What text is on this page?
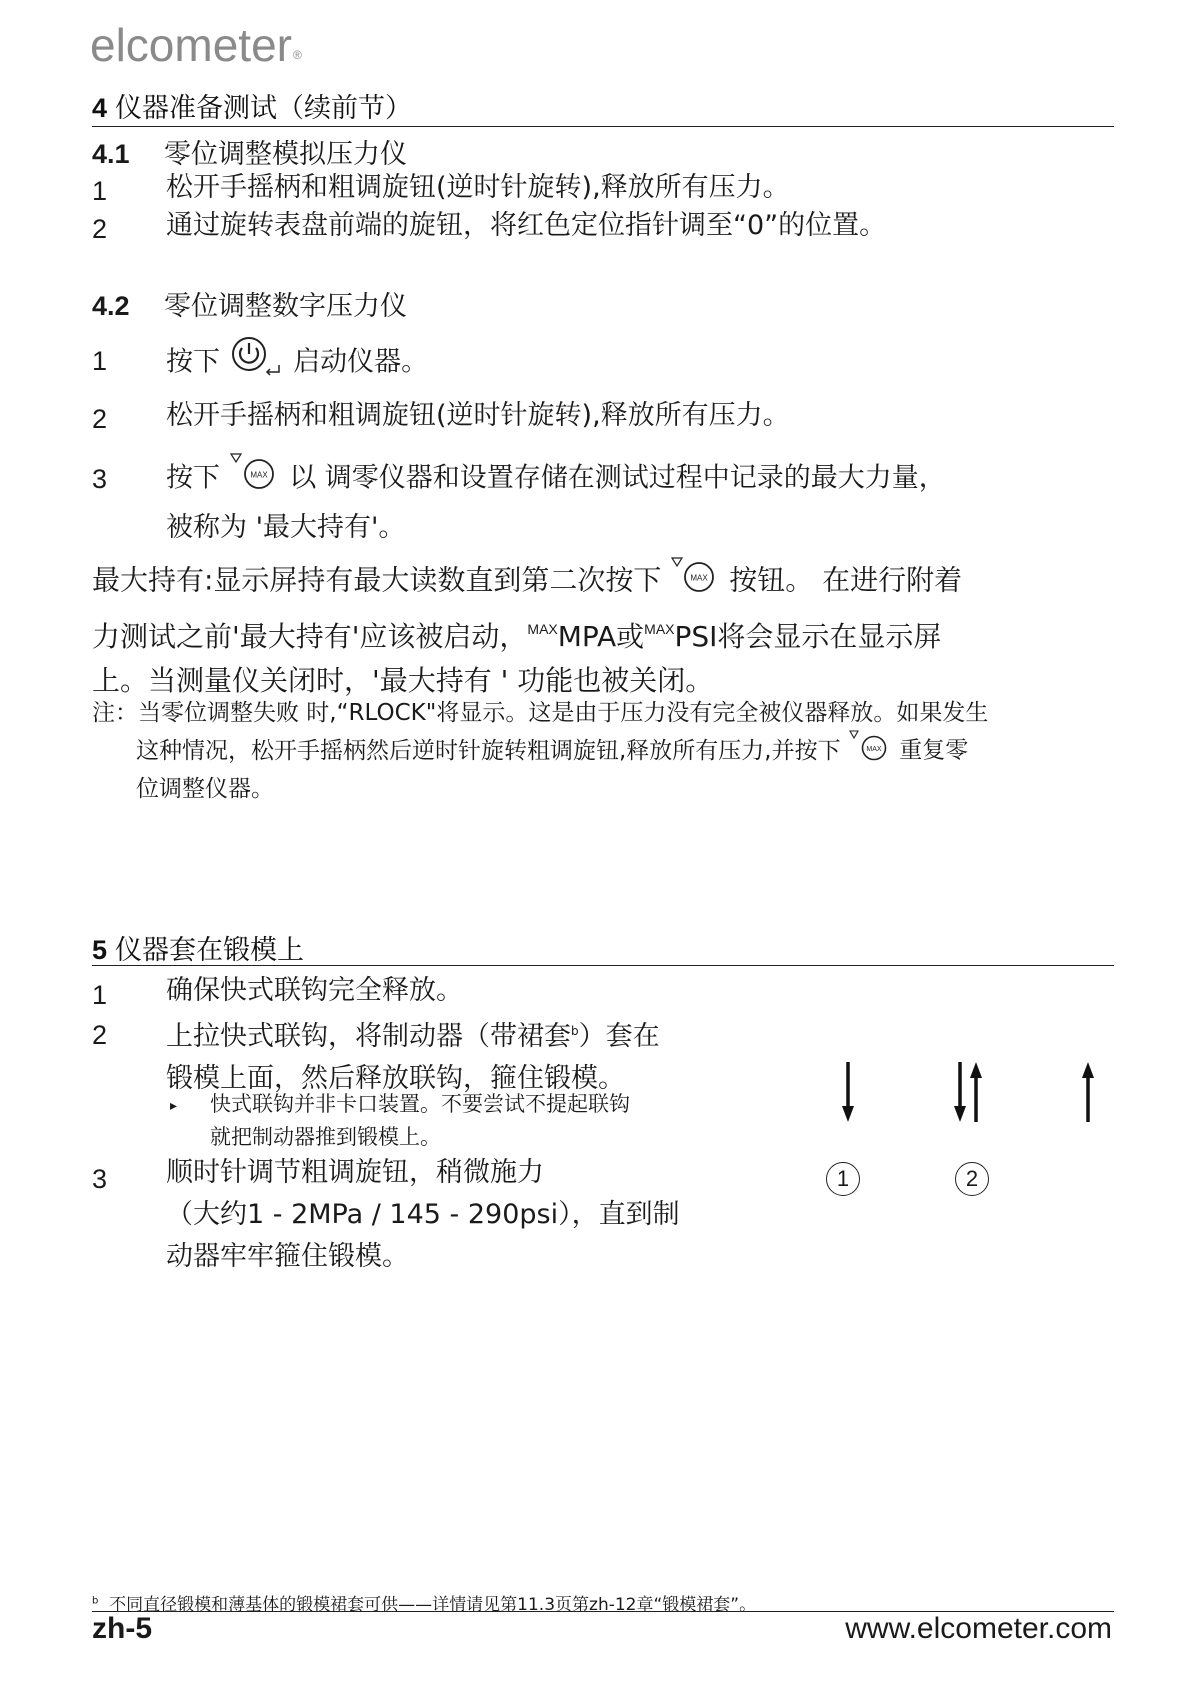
elcometer®
4 仪器准备测试（续前节）
4.1 零位调整模拟压力仪
1 松开手摇柄和粗调旋钮(逆时针旋转),释放所有压力。
2 通过旋转表盘前端的旋钮，将红色定位指针调至“0”的位置。
4.2 零位调整数字压力仪
1 按下	启动仪器。
2 松开手摇柄和粗调旋钮(逆时针旋转),释放所有压力。
3 按下	MAX 以 调零仪器和设置存储在测试过程中记录的最大力量，
被称为 '最大持有'。
最大持有:显示屏持有最大读数直到第二次按下	MAX 按钮。 在进行附着
力测试之前'最大持有'应该被启动，$^{MAX}$MPA或$^{MAX}$PSI将会显示在显示屏
上。当测量仪关闭时，'最大持有 ' 功能也被关闭。
注：当零位调整失败 时,“RLOCK"将显示。这是由于压力没有完全被仪器释放。如果发生
这种情况，松开手摇柄然后逆时针旋转粗调旋钮,释放所有压力,并按下	MAX 重复零
位调整仪器。
5 仪器套在锻模上
1 确保快式联钩完全释放。
2 上拉快式联钩，将制动器（带裙套$^b$）套在
锻模上面，然后释放联钩，箍住锻模。
▸ 快式联钩并非卡口装置。不要尝试不提起联钩
就把制动器推到锻模上。
3 顺时针调节粗调旋钮，稍微施力
（大约1 - 2MPa / 145 - 290psi），直到制
动器牢牢箍住锻模。
1	2
$^b$ 不同直径锻模和薄基体的锻模裙套可供——详情请见第11.3页第zh-12章“锻模裙套”。
zh-5	www.elcometer.com
